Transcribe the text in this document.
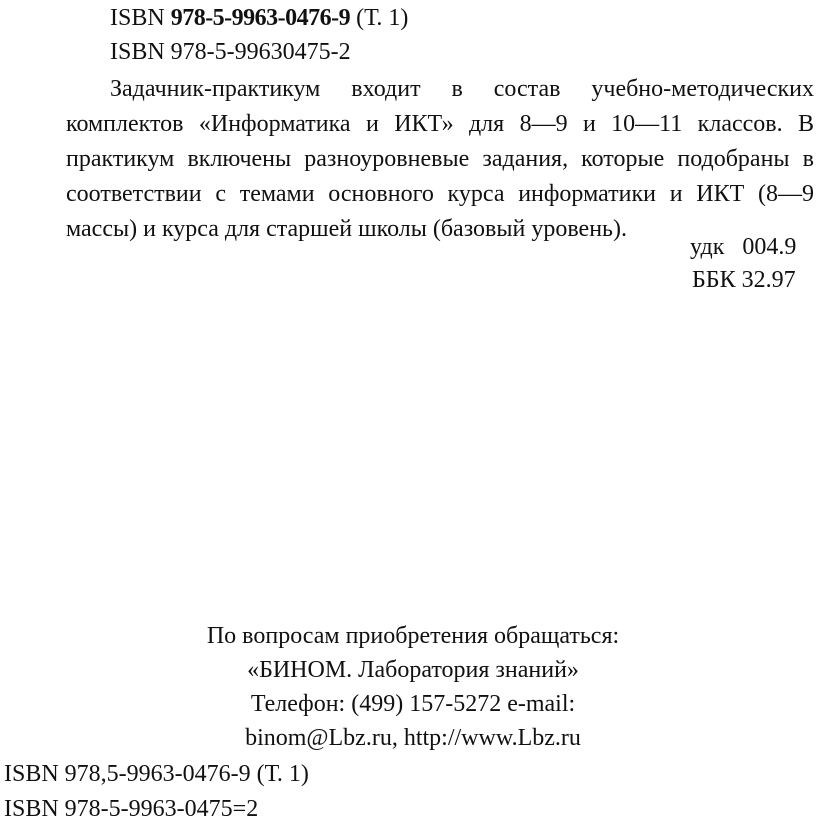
ISBN 978-5-9963-0476-9 (Т. 1)
ISBN 978-5-99630475-2

Задачник-практикум входит в состав учебно-методических комплектов «Информатика и ИКТ» для 8—9 и 10—11 классов. В практикум включены разноуровневые задания, которые подобраны в соответствии с темами основного курса информатики и ИКТ (8—9 массы) и курса для старшей школы (базовый уровень).

удк   004.9
ББК 32.97
По вопросам приобретения обращаться:
«БИНОМ. Лаборатория знаний»
Телефон: (499) 157-5272 e-mail:
binom@Lbz.ru, http://www.Lbz.ru
ISBN 978,5-9963-0476-9 (Т. 1)
ISBN 978-5-9963-0475=2
